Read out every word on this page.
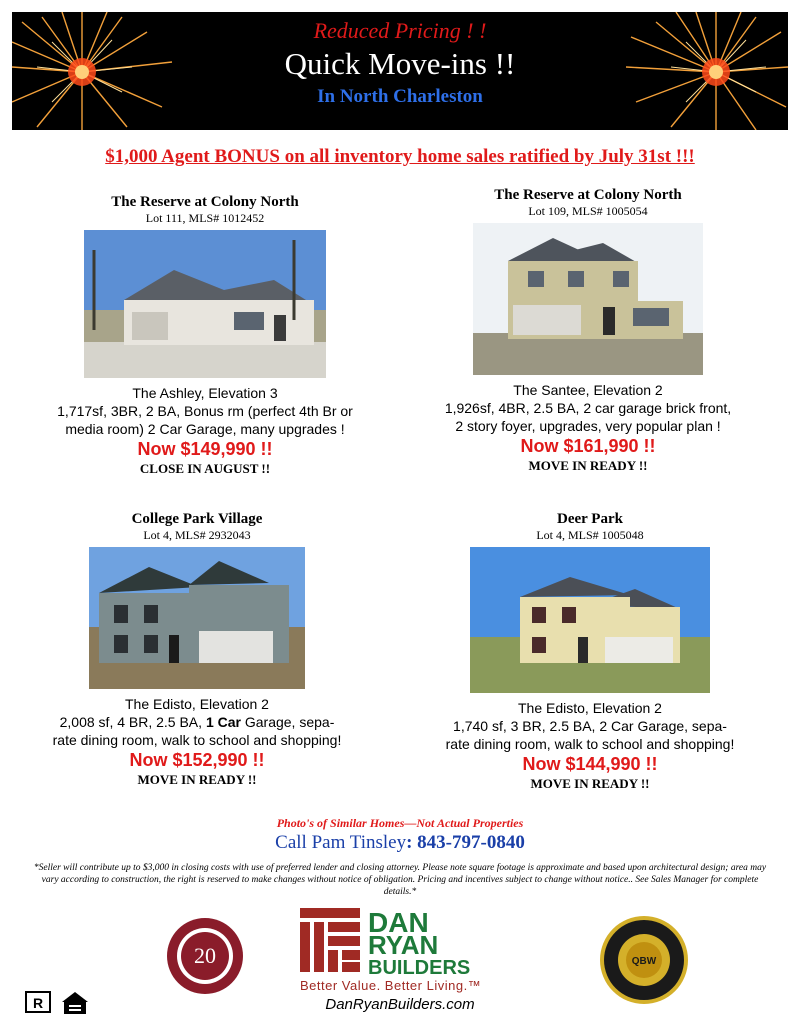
Reduced Pricing ! !
Quick Move-ins !!
In North Charleston
$1,000 Agent BONUS on all inventory home sales ratified by July 31st !!!
The Reserve at Colony North
Lot 111, MLS# 1012452
The Ashley, Elevation 3
1,717sf, 3BR, 2 BA, Bonus rm (perfect 4th Br or
media room) 2 Car Garage, many upgrades !
Now $149,990 !!
CLOSE IN AUGUST !!
The Reserve at Colony North
Lot 109, MLS# 1005054
The Santee, Elevation 2
1,926sf, 4BR, 2.5 BA, 2 car garage brick front,
2 story foyer, upgrades, very popular plan !
Now $161,990 !!
MOVE IN READY !!
College Park Village
Lot 4, MLS# 2932043
The Edisto, Elevation 2
2,008 sf, 4 BR, 2.5 BA, 1 Car Garage, sepa-
rate dining room, walk to school and shopping!
Now $152,990 !!
MOVE IN READY !!
Deer Park
Lot 4, MLS# 1005048
The Edisto, Elevation 2
1,740 sf, 3 BR, 2.5 BA, 2 Car Garage, sepa-
rate dining room, walk to school and shopping!
Now $144,990 !!
MOVE IN READY !!
Photo's of Similar Homes—Not Actual Properties
Call Pam Tinsley: 843-797-0840
*Seller will contribute up to $3,000 in closing costs with use of preferred lender and closing attorney. Please note square footage is approximate and based upon architectural design; area may vary according to construction, the right is reserved to make changes without notice of obligation. Pricing and incentives subject to change without notice.. See Sales Manager for complete details.*
20
DAN
RYAN
BUILDERS
Better Value. Better Living.™
DanRyanBuilders.com
QBW
R
